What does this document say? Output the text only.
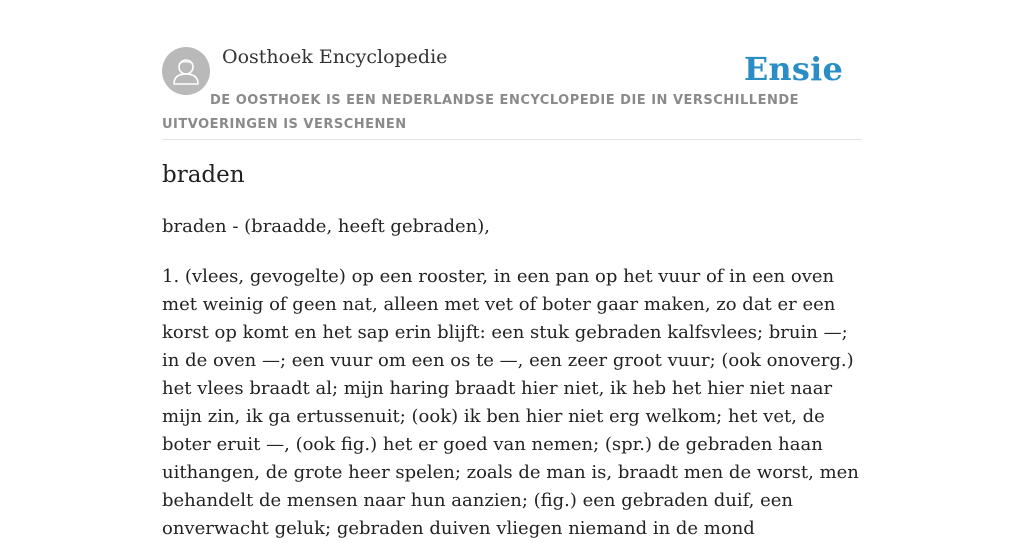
Oosthoek Encyclopedie	Ensie
DE OOSTHOEK IS EEN NEDERLANDSE ENCYCLOPEDIE DIE IN VERSCHILLENDE UITVOERINGEN IS VERSCHENEN
braden
braden - (braadde, heeft gebraden),
1. (vlees, gevogelte) op een rooster, in een pan op het vuur of in een oven met weinig of geen nat, alleen met vet of boter gaar maken, zo dat er een korst op komt en het sap erin blijft: een stuk gebraden kalfsvlees; bruin —; in de oven —; een vuur om een os te —, een zeer groot vuur; (ook onoverg.) het vlees braadt al; mijn haring braadt hier niet, ik heb het hier niet naar mijn zin, ik ga ertussenuit; (ook) ik ben hier niet erg welkom; het vet, de boter eruit —, (ook fig.) het er goed van nemen; (spr.) de gebraden haan uithangen, de grote heer spelen; zoals de man is, braadt men de worst, men behandelt de mensen naar hun aanzien; (fig.) een gebraden duif, een onverwacht geluk; gebraden duiven vliegen niemand in de mond
